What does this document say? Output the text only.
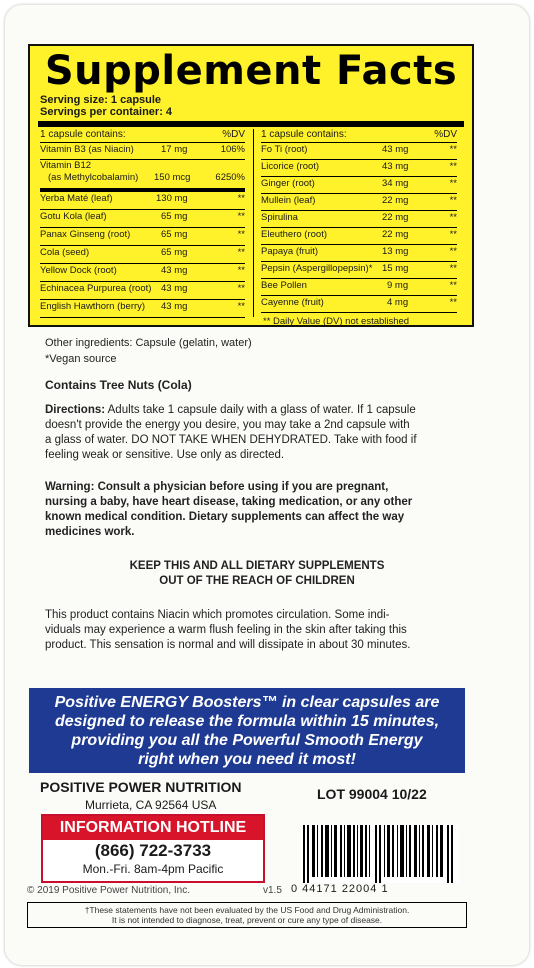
Supplement Facts
Serving size: 1 capsule
Servings per container: 4
1 capsule contains:	%DV
Vitamin B3 (as Niacin)	17 mg	106%
Vitamin B12
(as Methylcobalamin) 150 mcg	6250%
Yerba Maté (leaf)	130 mg	**
Gotu Kola (leaf)	65 mg	**
Panax Ginseng (root)	65 mg	**
Cola (seed)	65 mg	**
Yellow Dock (root)	43 mg	**
Echinacea Purpurea (root) 43 mg	**
English Hawthorn (berry) 43 mg	**
1 capsule contains:	%DV
Fo Ti (root)	43 mg	**
Licorice (root)	43 mg	**
Ginger (root)	34 mg	**
Mullein (leaf)	22 mg	**
Spirulina	22 mg	**
Eleuthero (root)	22 mg	**
Papaya (fruit)	13 mg	**
Pepsin (Aspergillopepsin)* 15 mg	**
Bee Pollen	9 mg	**
Cayenne (fruit)	4 mg	**
** Daily Value (DV) not established
Other ingredients: Capsule (gelatin, water)
*Vegan source
Contains Tree Nuts (Cola)
Directions: Adults take 1 capsule daily with a glass of water. If 1 capsule
doesn't provide the energy you desire, you may take a 2nd capsule with
a glass of water. DO NOT TAKE WHEN DEHYDRATED. Take with food if
feeling weak or sensitive. Use only as directed.
Warning: Consult a physician before using if you are pregnant,
nursing a baby, have heart disease, taking medication, or any other
known medical condition. Dietary supplements can affect the way
medicines work.
KEEP THIS AND ALL DIETARY SUPPLEMENTS
OUT OF THE REACH OF CHILDREN
This product contains Niacin which promotes circulation. Some indi-
viduals may experience a warm flush feeling in the skin after taking this
product. This sensation is normal and will dissipate in about 30 minutes.
Positive ENERGY Boosters™ in clear capsules are
designed to release the formula within 15 minutes,
providing you all the Powerful Smooth Energy
right when you need it most!
POSITIVE POWER NUTRITION
Murrieta, CA 92564 USA
LOT 99004 10/22
INFORMATION HOTLINE
(866) 722-3733
Mon.-Fri. 8am-4pm Pacific
0 44171 22004 1
© 2019 Positive Power Nutrition, Inc.	v1.5
†These statements have not been evaluated by the US Food and Drug Administration.
It is not intended to diagnose, treat, prevent or cure any type of disease.
